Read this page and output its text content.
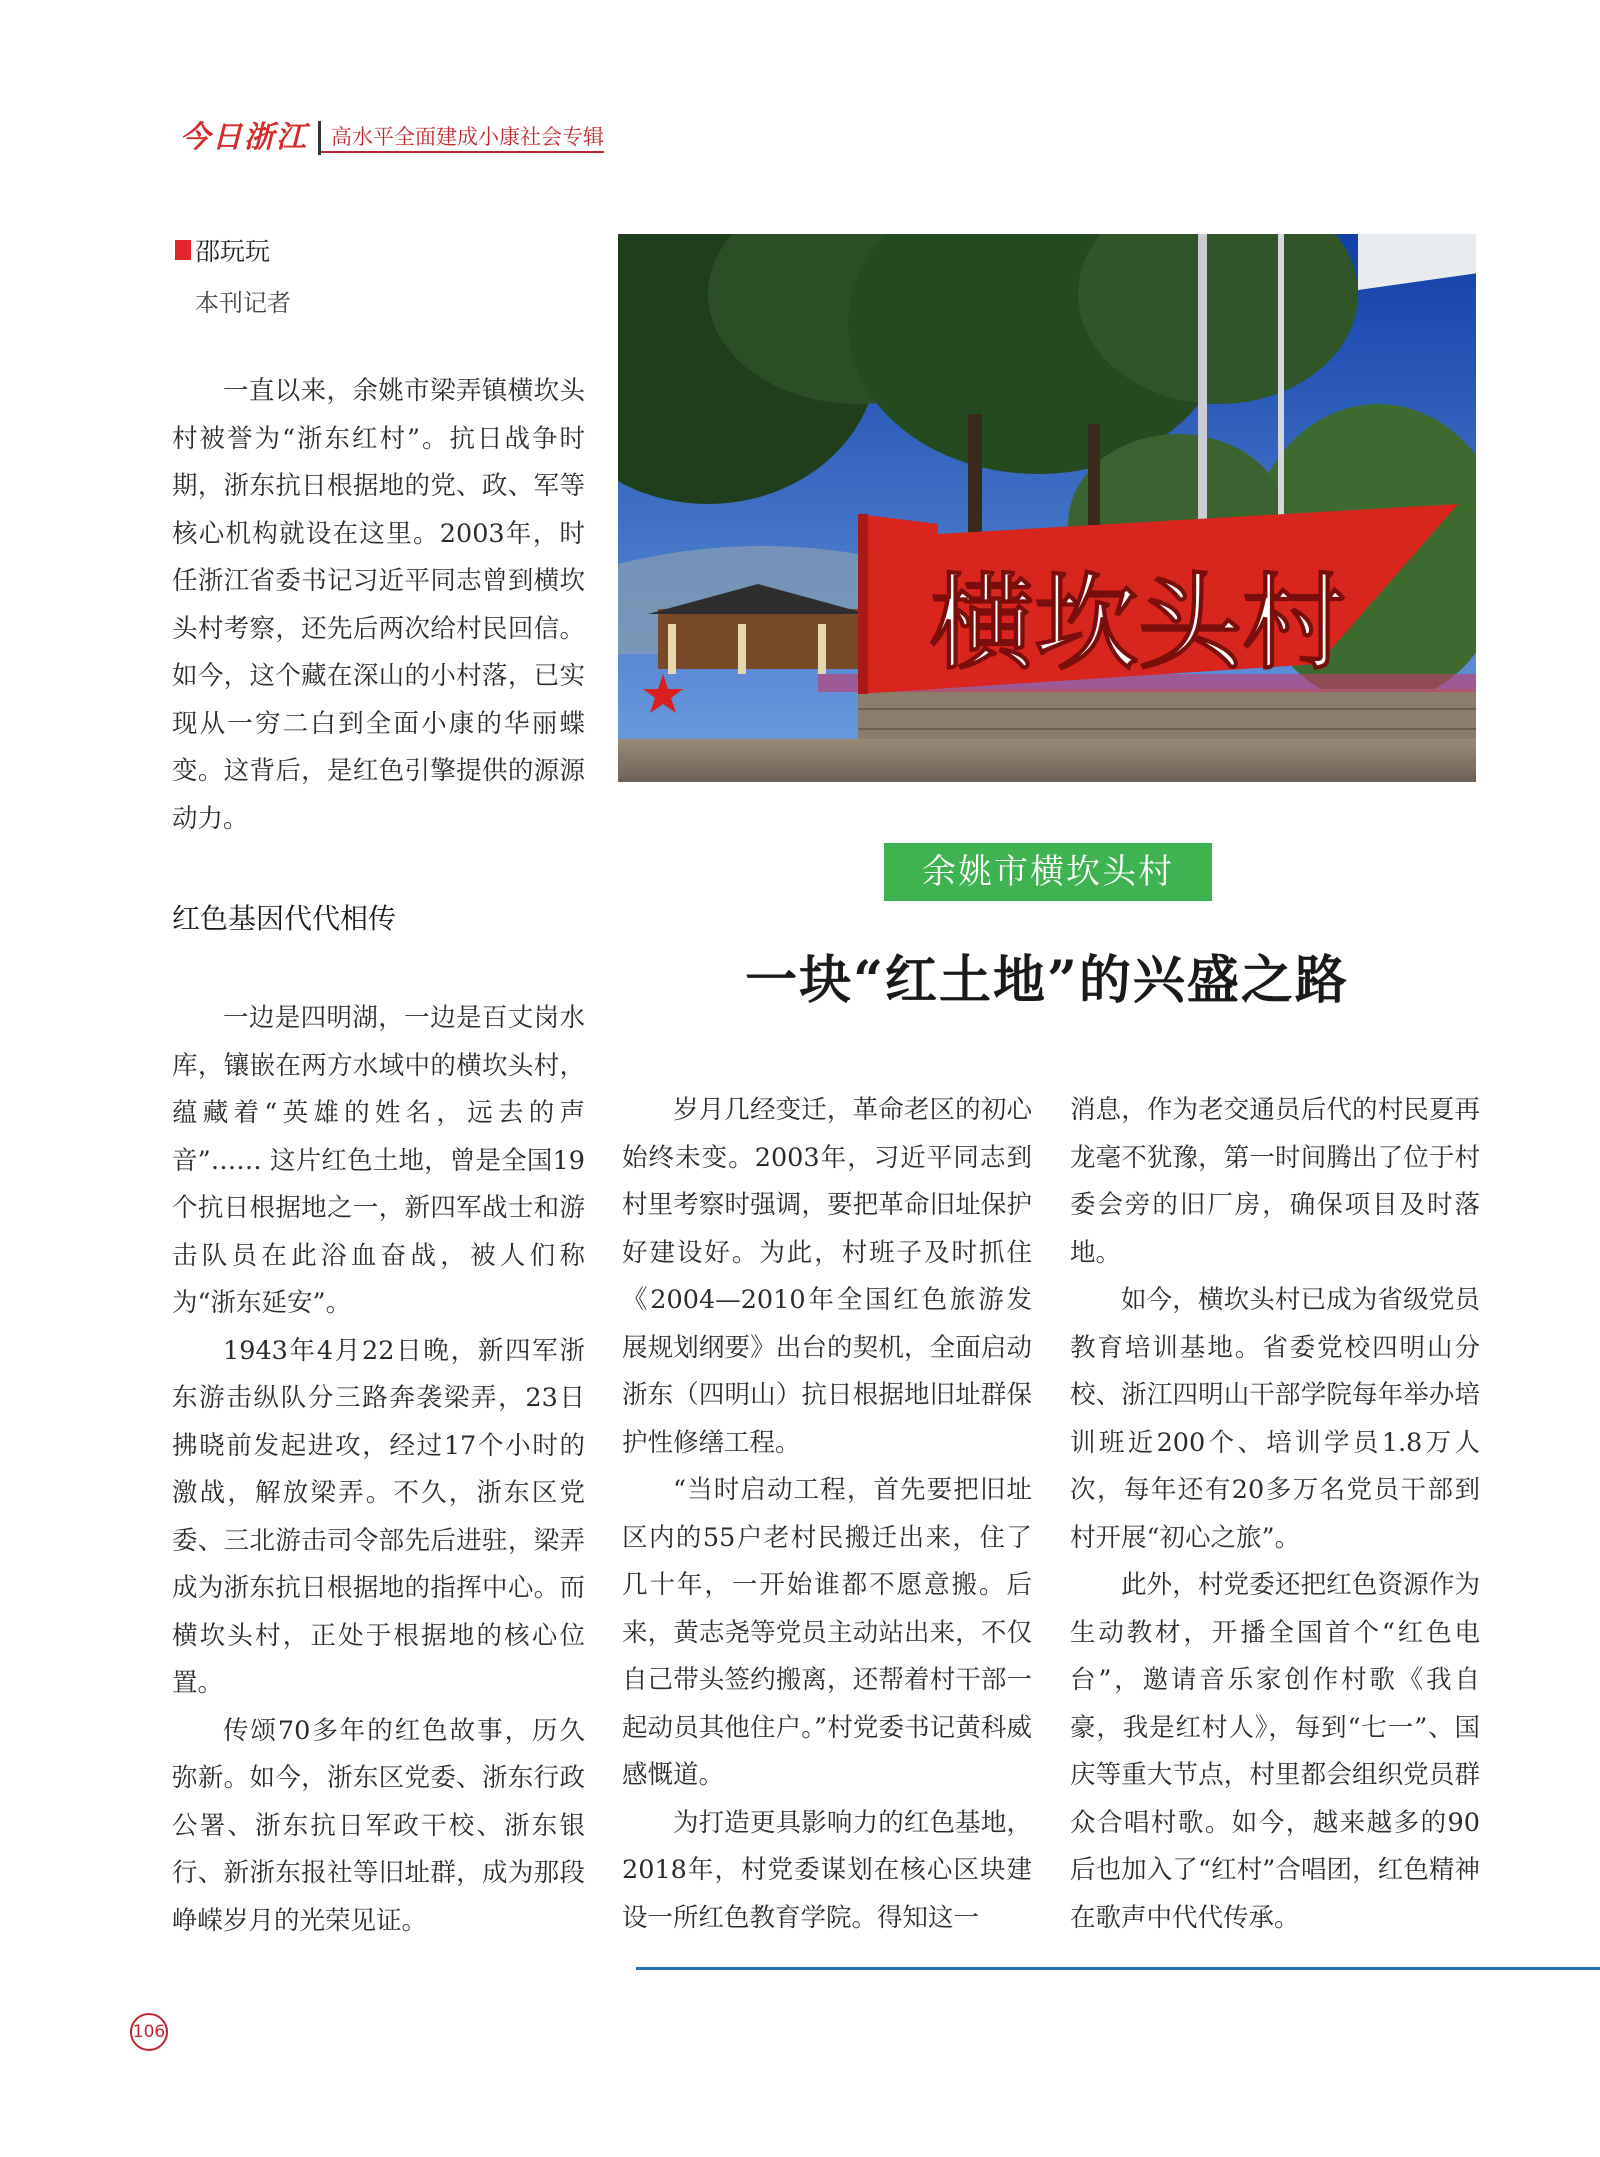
今日浙江	高水平全面建成小康社会专辑
邵玩玩
本刊记者

一直以来，余姚市梁弄镇横坎头村被誉为“浙东红村”。抗日战争时期，浙东抗日根据地的党、政、军等核心机构就设在这里。2003年，时任浙江省委书记习近平同志曾到横坎头村考察，还先后两次给村民回信。如今，这个藏在深山的小村落，已实现从一穷二白到全面小康的华丽蝶变。这背后，是红色引擎提供的源源动力。

红色基因代代相传

一边是四明湖，一边是百丈岗水库，镶嵌在两方水域中的横坎头村，蕴藏着“英雄的姓名，远去的声音”…… 这片红色土地，曾是全国19个抗日根据地之一，新四军战士和游击队员在此浴血奋战，被人们称为“浙东延安”。

1943年4月22日晚，新四军浙东游击纵队分三路奔袭梁弄，23日拂晓前发起进攻，经过17个小时的激战，解放梁弄。不久，浙东区党委、三北游击司令部先后进驻，梁弄成为浙东抗日根据地的指挥中心。而横坎头村，正处于根据地的核心位置。

传颂70多年的红色故事，历久弥新。如今，浙东区党委、浙东行政公署、浙东抗日军政干校、浙东银行、新浙东报社等旧址群，成为那段峥嵘岁月的光荣见证。

横坎头村
余姚市横坎头村
一块“红土地”的兴盛之路

岁月几经变迁，革命老区的初心始终未变。2003年，习近平同志到村里考察时强调，要把革命旧址保护好建设好。为此，村班子及时抓住《2004—2010年全国红色旅游发展规划纲要》出台的契机，全面启动浙东（四明山）抗日根据地旧址群保护性修缮工程。

“当时启动工程，首先要把旧址区内的55户老村民搬迁出来，住了几十年，一开始谁都不愿意搬。后来，黄志尧等党员主动站出来，不仅自己带头签约搬离，还帮着村干部一起动员其他住户。”村党委书记黄科威感慨道。

为打造更具影响力的红色基地，2018年，村党委谋划在核心区块建设一所红色教育学院。得知这一

消息，作为老交通员后代的村民夏再龙毫不犹豫，第一时间腾出了位于村委会旁的旧厂房，确保项目及时落地。

如今，横坎头村已成为省级党员教育培训基地。省委党校四明山分校、浙江四明山干部学院每年举办培训班近200个、培训学员1.8万人次，每年还有20多万名党员干部到村开展“初心之旅”。

此外，村党委还把红色资源作为生动教材，开播全国首个“红色电台”，邀请音乐家创作村歌《我自豪，我是红村人》，每到“七一”、国庆等重大节点，村里都会组织党员群众合唱村歌。如今，越来越多的90后也加入了“红村”合唱团，红色精神在歌声中代代传承。

106
